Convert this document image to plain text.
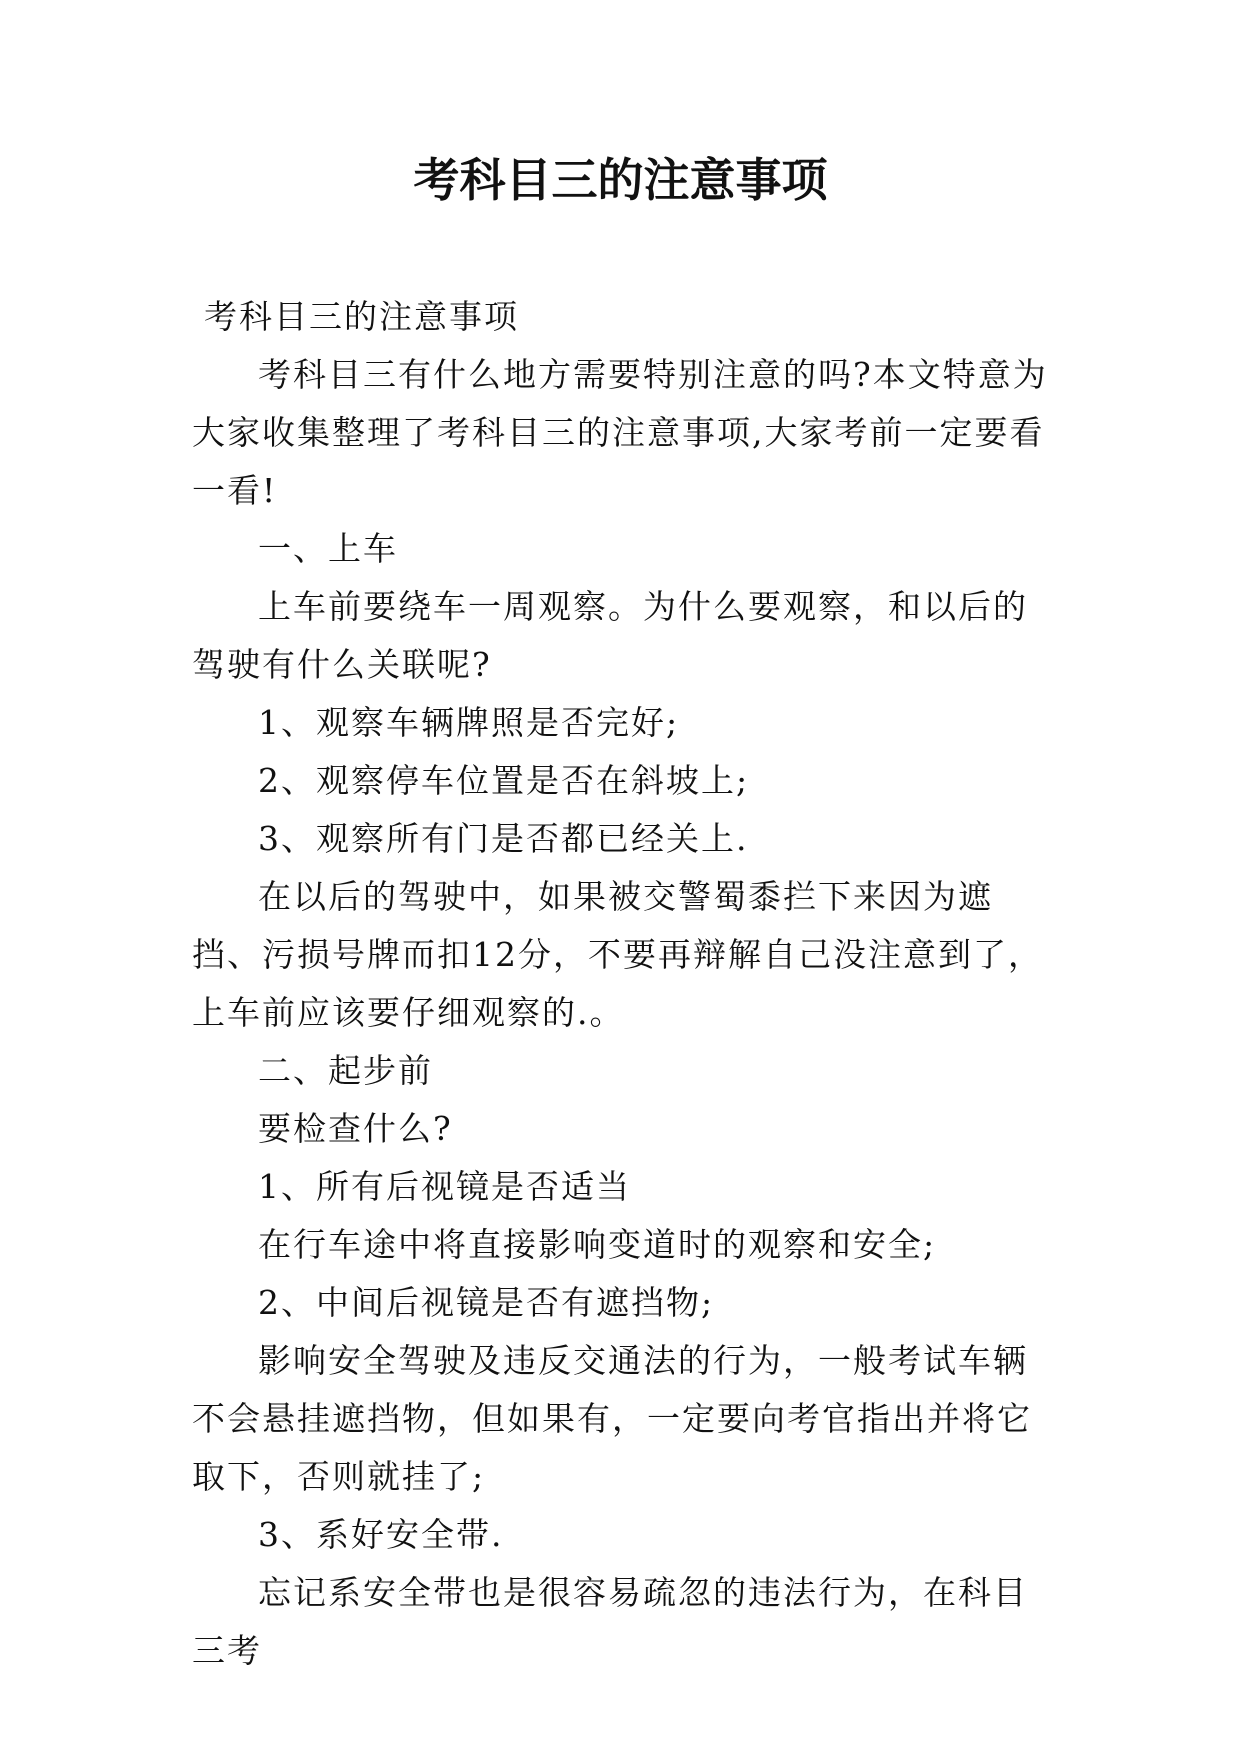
考科目三的注意事项

考科目三的注意事项

考科目三有什么地方需要特别注意的吗?本文特意为大家收集整理了考科目三的注意事项,大家考前一定要看一看!

一、上车

上车前要绕车一周观察。为什么要观察，和以后的驾驶有什么关联呢?

1、观察车辆牌照是否完好;

2、观察停车位置是否在斜坡上;

3、观察所有门是否都已经关上.

在以后的驾驶中，如果被交警蜀黍拦下来因为遮挡、污损号牌而扣12分，不要再辩解自己没注意到了，上车前应该要仔细观察的.。

二、起步前

要检查什么?

1、所有后视镜是否适当

在行车途中将直接影响变道时的观察和安全;

2、中间后视镜是否有遮挡物;

影响安全驾驶及违反交通法的行为，一般考试车辆不会悬挂遮挡物，但如果有，一定要向考官指出并将它取下，否则就挂了;

3、系好安全带.

忘记系安全带也是很容易疏忽的违法行为，在科目三考
